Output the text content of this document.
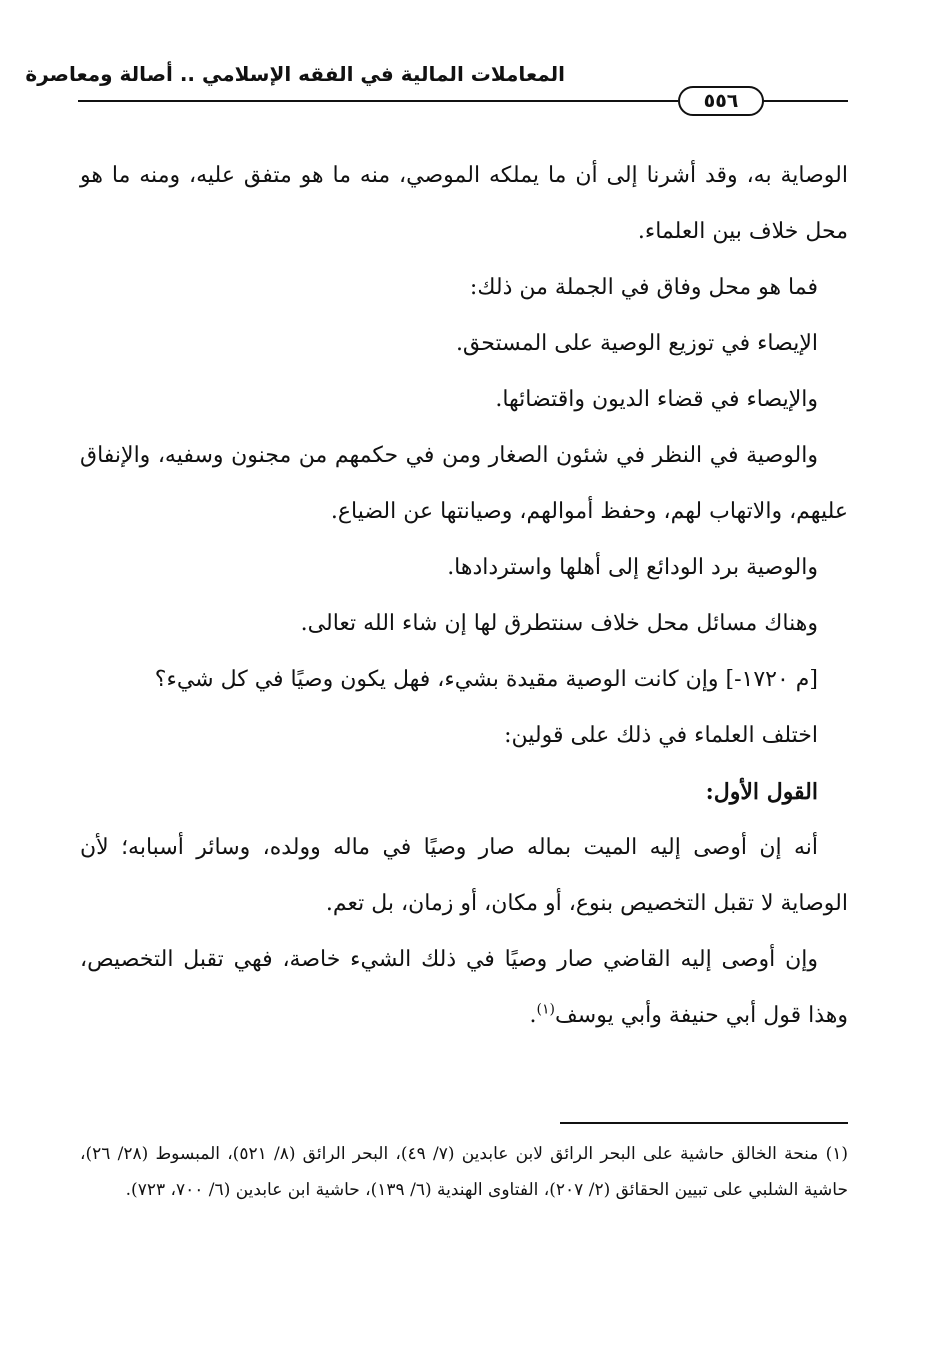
المعاملات المالية في الفقه الإسلامي .. أصالة ومعاصرة
٥٥٦

الوصاية به، وقد أشرنا إلى أن ما يملكه الموصي، منه ما هو متفق عليه، ومنه ما هو محل خلاف بين العلماء.

فما هو محل وفاق في الجملة من ذلك:

الإيصاء في توزيع الوصية على المستحق.

والإيصاء في قضاء الديون واقتضائها.

والوصية في النظر في شئون الصغار ومن في حكمهم من مجنون وسفيه، والإنفاق عليهم، والاتهاب لهم، وحفظ أموالهم، وصيانتها عن الضياع.

والوصية برد الودائع إلى أهلها واستردادها.

وهناك مسائل محل خلاف سنتطرق لها إن شاء الله تعالى.

[م ١٧٢٠-] وإن كانت الوصية مقيدة بشيء، فهل يكون وصيًا في كل شيء؟

اختلف العلماء في ذلك على قولين:

القول الأول:

أنه إن أوصى إليه الميت بماله صار وصيًا في ماله وولده، وسائر أسبابه؛ لأن الوصاية لا تقبل التخصيص بنوع، أو مكان، أو زمان، بل تعم.

وإن أوصى إليه القاضي صار وصيًا في ذلك الشيء خاصة، فهي تقبل التخصيص، وهذا قول أبي حنيفة وأبي يوسف$^{(١)}$.

(١) منحة الخالق حاشية على البحر الرائق لابن عابدين (٧/ ٤٩)، البحر الرائق (٨/ ٥٢١)، المبسوط (٢٨/ ٢٦)، حاشية الشلبي على تبيين الحقائق (٢/ ٢٠٧)، الفتاوى الهندية (٦/ ١٣٩)، حاشية ابن عابدين (٦/ ٧٠٠، ٧٢٣).
